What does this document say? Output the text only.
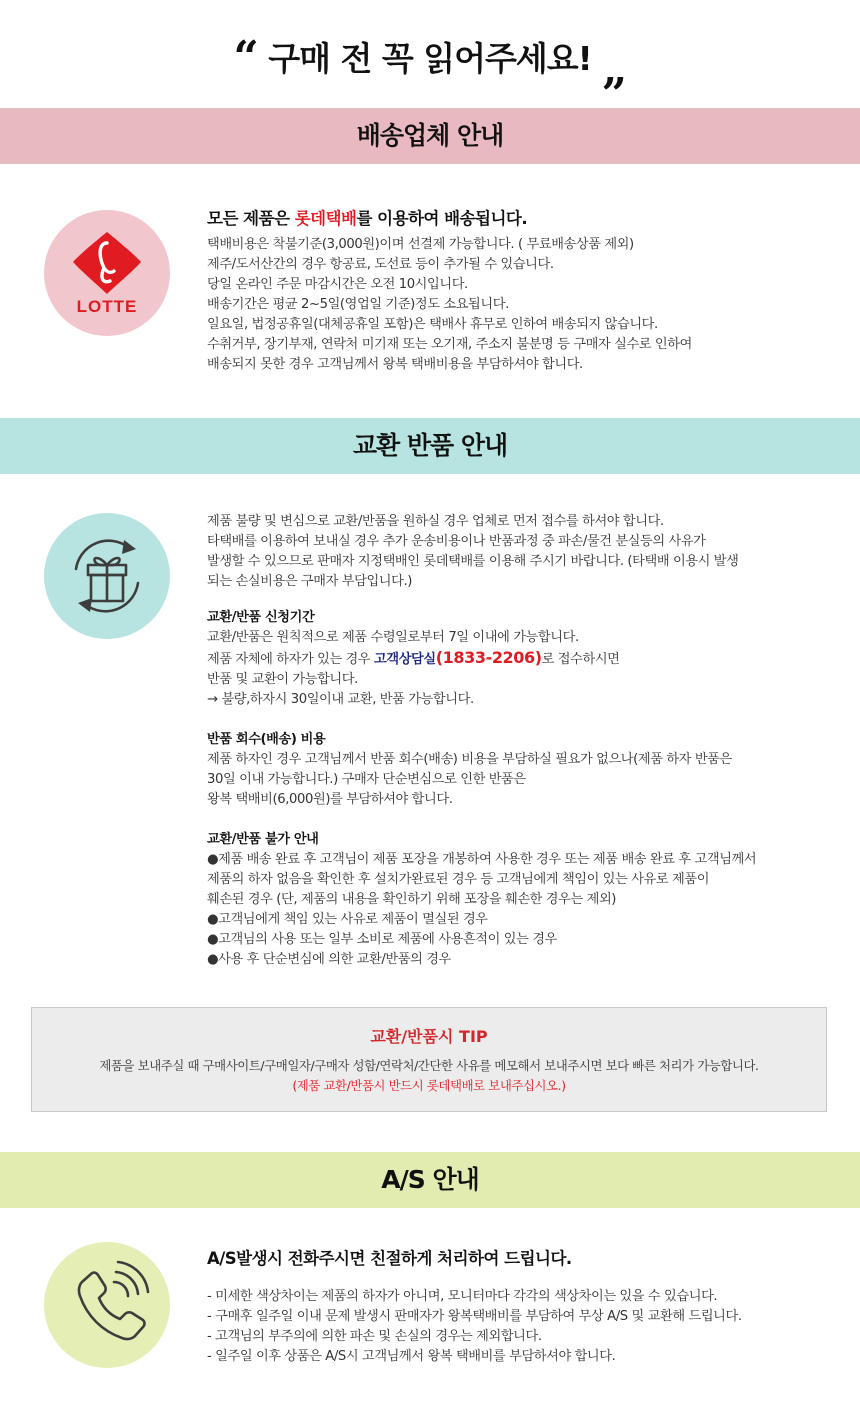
“ 구매 전 꼭 읽어주세요! „
배송업체 안내
LOTTE
모든 제품은 롯데택배를 이용하여 배송됩니다.
택배비용은 착불기준(3,000원)이며 선결제 가능합니다. ( 무료배송상품 제외)
제주/도서산간의 경우 항공료, 도선료 등이 추가될 수 있습니다.
당일 온라인 주문 마감시간은 오전 10시입니다.
배송기간은 평균 2~5일(영업일 기준)정도 소요됩니다.
일요일, 법정공휴일(대체공휴일 포함)은 택배사 휴무로 인하여 배송되지 않습니다.
수취거부, 장기부재, 연락처 미기재 또는 오기재, 주소지 불분명 등 구매자 실수로 인하여
배송되지 못한 경우 고객님께서 왕복 택배비용을 부담하셔야 합니다.
교환 반품 안내
제품 불량 및 변심으로 교환/반품을 원하실 경우 업체로 먼저 접수를 하셔야 합니다.
타택배를 이용하여 보내실 경우 추가 운송비용이나 반품과정 중 파손/물건 분실등의 사유가
발생할 수 있으므로 판매자 지정택배인 롯데택배를 이용해 주시기 바랍니다. (타택배 이용시 발생
되는 손실비용은 구매자 부담입니다.)
교환/반품 신청기간
교환/반품은 원칙적으로 제품 수령일로부터 7일 이내에 가능합니다.
제품 자체에 하자가 있는 경우 고객상담실(1833-2206)로 접수하시면
반품 및 교환이 가능합니다.
→ 불량,하자시 30일이내 교환, 반품 가능합니다.
반품 회수(배송) 비용
제품 하자인 경우 고객님께서 반품 회수(배송) 비용을 부담하실 필요가 없으나(제품 하자 반품은
30일 이내 가능합니다.) 구매자 단순변심으로 인한 반품은
왕복 택배비(6,000원)를 부담하셔야 합니다.
교환/반품 불가 안내
●제품 배송 완료 후 고객님이 제품 포장을 개봉하여 사용한 경우 또는 제품 배송 완료 후 고객님께서
제품의 하자 없음을 확인한 후 설치가완료된 경우 등 고객님에게 책임이 있는 사유로 제품이
훼손된 경우 (단, 제품의 내용을 확인하기 위해 포장을 훼손한 경우는 제외)
●고객님에게 책임 있는 사유로 제품이 멸실된 경우
●고객님의 사용 또는 일부 소비로 제품에 사용흔적이 있는 경우
●사용 후 단순변심에 의한 교환/반품의 경우
교환/반품시 TIP
제품을 보내주실 때 구매사이트/구매일자/구매자 성함/연락처/간단한 사유를 메모해서 보내주시면 보다 빠른 처리가 가능합니다.
(제품 교환/반품시 반드시 롯데택배로 보내주십시오.)
A/S 안내
A/S발생시 전화주시면 친절하게 처리하여 드립니다.
- 미세한 색상차이는 제품의 하자가 아니며, 모니터마다 각각의 색상차이는 있을 수 있습니다.
- 구매후 일주일 이내 문제 발생시 판매자가 왕복택배비를 부담하여 무상 A/S 및 교환해 드립니다.
- 고객님의 부주의에 의한 파손 및 손실의 경우는 제외합니다.
- 일주일 이후 상품은 A/S시 고객님께서 왕복 택배비를 부담하셔야 합니다.
